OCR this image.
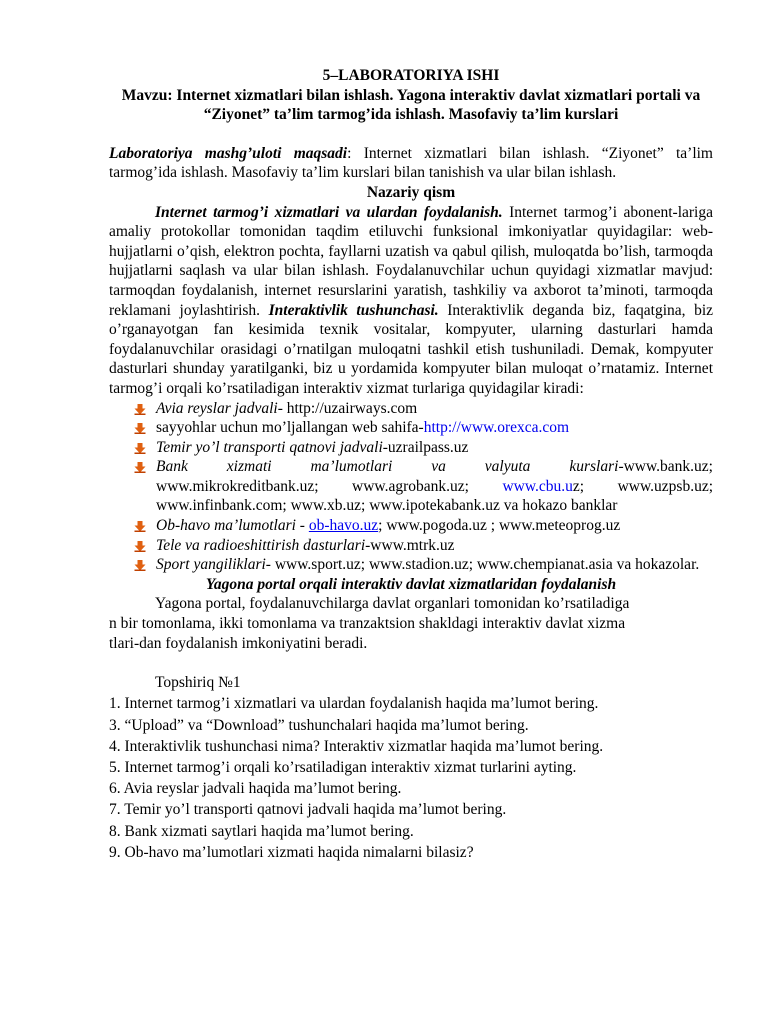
5–LABORATORIYA ISHI

Mavzu: Internet xizmatlari bilan ishlash. Yagona interaktiv davlat xizmatlari portali va “Ziyonet” ta’lim tarmog’ida ishlash. Masofaviy ta’lim kurslari

Laboratoriya mashg’uloti maqsadi: Internet xizmatlari bilan ishlash. “Ziyonet” ta’lim tarmog’ida ishlash. Masofaviy ta’lim kurslari bilan tanishish va ular bilan ishlash.

Nazariy qism

Internet tarmog’i xizmatlari va ulardan foydalanish. Internet tarmog’i abonent-lariga amaliy protokollar tomonidan taqdim etiluvchi funksional imkoniyatlar quyidagilar: web-hujjatlarni o’qish, elektron pochta, fayllarni uzatish va qabul qilish, muloqatda bo’lish, tarmoqda hujjatlarni saqlash va ular bilan ishlash. Foydalanuvchilar uchun quyidagi xizmatlar mavjud: tarmoqdan foydalanish, internet resurslarini yaratish, tashkiliy va axborot ta’minoti, tarmoqda reklamani joylashtirish. Interaktivlik tushunchasi. Interaktivlik deganda biz, faqatgina, biz o’rganayotgan fan kesimida texnik vositalar, kompyuter, ularning dasturlari hamda foydalanuvchilar orasidagi o’rnatilgan muloqatni tashkil etish tushuniladi. Demak, kompyuter dasturlari shunday yaratilganki, biz u yordamida kompyuter bilan muloqat o’rnatamiz. Internet tarmog’i orqali ko’rsatiladigan interaktiv xizmat turlariga quyidagilar kiradi:

Avia reyslar jadvali- http://uzairways.com
sayyohlar uchun mo’ljallangan web sahifa-http://www.orexca.com
Temir yo’l transporti qatnovi jadvali-uzrailpass.uz
Bank xizmati ma’lumotlari va valyuta kurslari-www.bank.uz;
www.mikrokreditbank.uz; www.agrobank.uz; www.cbu.uz; www.uzpsb.uz;
www.infinbank.com; www.xb.uz; www.ipotekabank.uz va hokazo banklar
Ob-havo ma’lumotlari - ob-havo.uz; www.pogoda.uz ; www.meteoprog.uz
Tele va radioeshittirish dasturlari-www.mtrk.uz
Sport yangiliklari- www.sport.uz; www.stadion.uz; www.chempianat.asia va hokazolar.

Yagona portal orqali interaktiv davlat xizmatlaridan foydalanish

Yagona portal, foydalanuvchilarga davlat organlari tomonidan ko’rsatiladiga

n bir tomonlama, ikki tomonlama va tranzaktsion shakldagi interaktiv davlat xizma

tlari-dan foydalanish imkoniyatini beradi.

Topshiriq №1

1. Internet tarmog’i xizmatlari va ulardan foydalanish haqida ma’lumot bering.

3. “Upload” va “Download” tushunchalari haqida ma’lumot bering.

4. Interaktivlik tushunchasi nima? Interaktiv xizmatlar haqida ma’lumot bering.

5. Internet tarmog’i orqali ko’rsatiladigan interaktiv xizmat turlarini ayting.

6. Avia reyslar jadvali haqida ma’lumot bering.

7. Temir yo’l transporti qatnovi jadvali haqida ma’lumot bering.

8. Bank xizmati saytlari haqida ma’lumot bering.

9. Ob-havo ma’lumotlari xizmati haqida nimalarni bilasiz?
